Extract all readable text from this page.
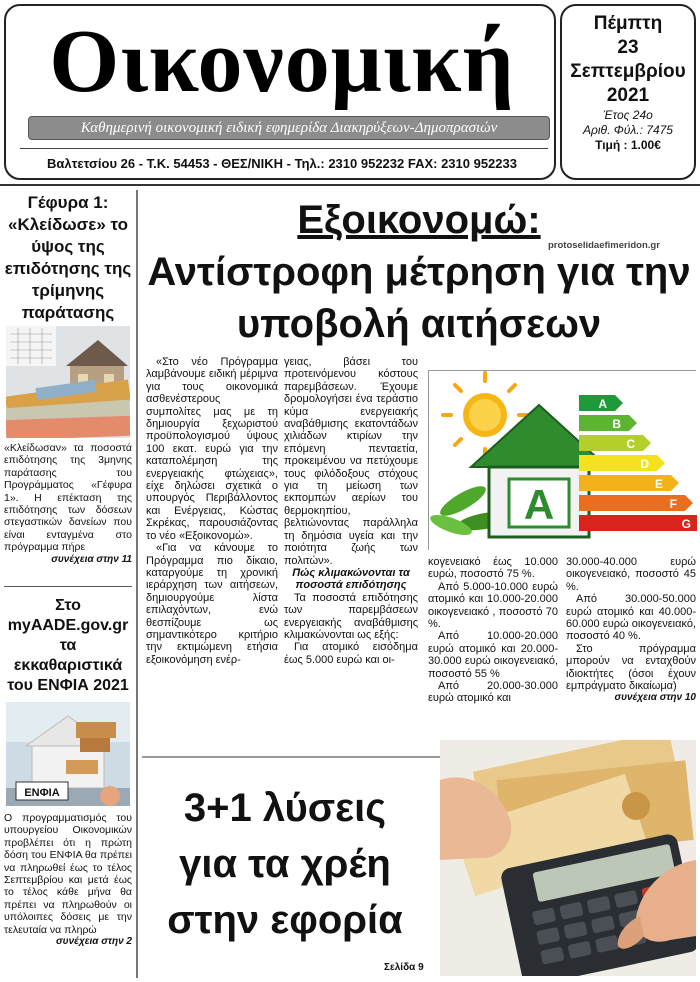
Οικονομική
Καθημερινή οικονομική ειδική εφημερίδα Διακηρύξεων-Δημοπρασιών
Βαλτετσίου 26 - Τ.Κ. 54453 - ΘΕΣ/ΝΙΚΗ - Τηλ.: 2310 952232 FAX: 2310 952233
Πέμπτη
23
Σεπτεμβρίου
2021
Έτος 24ο
Αριθ. Φύλ.: 7475
Τιμή : 1.00€
Γέφυρα 1: «Κλείδωσε» το ύψος της επιδότησης της τρίμηνης παράτασης
«Κλείδωσαν» τα ποσοστά επιδότησης της 3μηνης παράτασης του Προγράμματος «Γέφυρα 1». Η επέκταση της επιδότησης των δόσεων στεγαστικών δανείων που είναι ενταγμένα στο πρόγραμμα πήρε
συνέχεια στην 11
Στο myAADE.gov.gr τα εκκαθαριστικά του ΕΝΦΙΑ 2021
ΕΝΦΙΑ
Ο προγραμματισμός του υπουργείου Οικονομικών προβλέπει ότι η πρώτη δόση του ΕΝΦΙΑ θα πρέπει να πληρωθεί έως το τέλος Σεπτεμβρίου και μετά έως το τέλος κάθε μήνα θα πρέπει να πληρωθούν οι υπόλοιπες δόσεις με την τελευταία να πληρώ
συνέχεια στην 2
Εξοικονομώ:
protoselidaefimeridon.gr
Αντίστροφη μέτρηση για την υποβολή αιτήσεων
«Στο νέο Πρόγραμμα λαμβάνουμε ειδική μέριμνα για τους οικονομικά ασθενέστερους συμπολίτες μας με τη δημιουργία ξεχωριστού προϋπολογισμού ύψους 100 εκατ. ευρώ για την καταπολέμηση της ενεργειακής φτώχειας», είχε δηλώσει σχετικά ο υπουργός Περιβάλλοντος και Ενέργειας, Κώστας Σκρέκας, παρουσιάζοντας το νέο «Εξοικονομώ».
«Για να κάνουμε το Πρόγραμμα πιο δίκαιο, καταργούμε τη χρονική ιεράρχηση των αιτήσεων, δημιουργούμε λίστα επιλαχόντων, ενώ θεσπίζουμε ως σημαντικότερο κριτήριο την εκτιμώμενη ετήσια εξοικονόμηση ενέρ-
γειας, βάσει του προτεινόμενου κόστους παρεμβάσεων. Έχουμε δρομολογήσει ένα τεράστιο κύμα ενεργειακής αναβάθμισης εκατοντάδων χιλιάδων κτιρίων την επόμενη πενταετία, προκειμένου να πετύχουμε τους φιλόδοξους στόχους για τη μείωση των εκπομπών αερίων του θερμοκηπίου, βελτιώνοντας παράλληλα τη δημόσια υγεία και την ποιότητα ζωής των πολιτών».
Πώς κλιμακώνονται τα ποσοστά επιδότησης
Τα ποσοστά επιδότησης των παρεμβάσεων ενεργειακής αναβάθμισης κλιμακώνονται ως εξής:
Για ατομικό εισόδημα έως 5.000 ευρώ και οι-
A
A
B
C
D
E
F
G
κογενειακό έως 10.000 ευρώ, ποσοστό 75 %.
Από 5.000-10.000 ευρώ ατομικό και 10.000-20.000 οικογενειακό , ποσοστό 70 %.
Από 10.000-20.000 ευρώ ατομικό και 20.000-30.000 ευρώ οικογενειακό, ποσοστό 55 %
Από 20.000-30.000 ευρώ ατομικό και
30.000-40.000 ευρώ οικογενειακό, ποσοστό 45 %.
Από 30.000-50.000 ευρώ ατομικό και 40.000-60.000 ευρώ οικογενειακό, ποσοστό 40 %.
Στο πρόγραμμα μπορούν να ενταχθούν ιδιοκτήτες (όσοι έχουν εμπράγματο δικαίωμα)
συνέχεια στην 10
3+1 λύσεις για τα χρέη στην εφορία
Σελίδα 9
